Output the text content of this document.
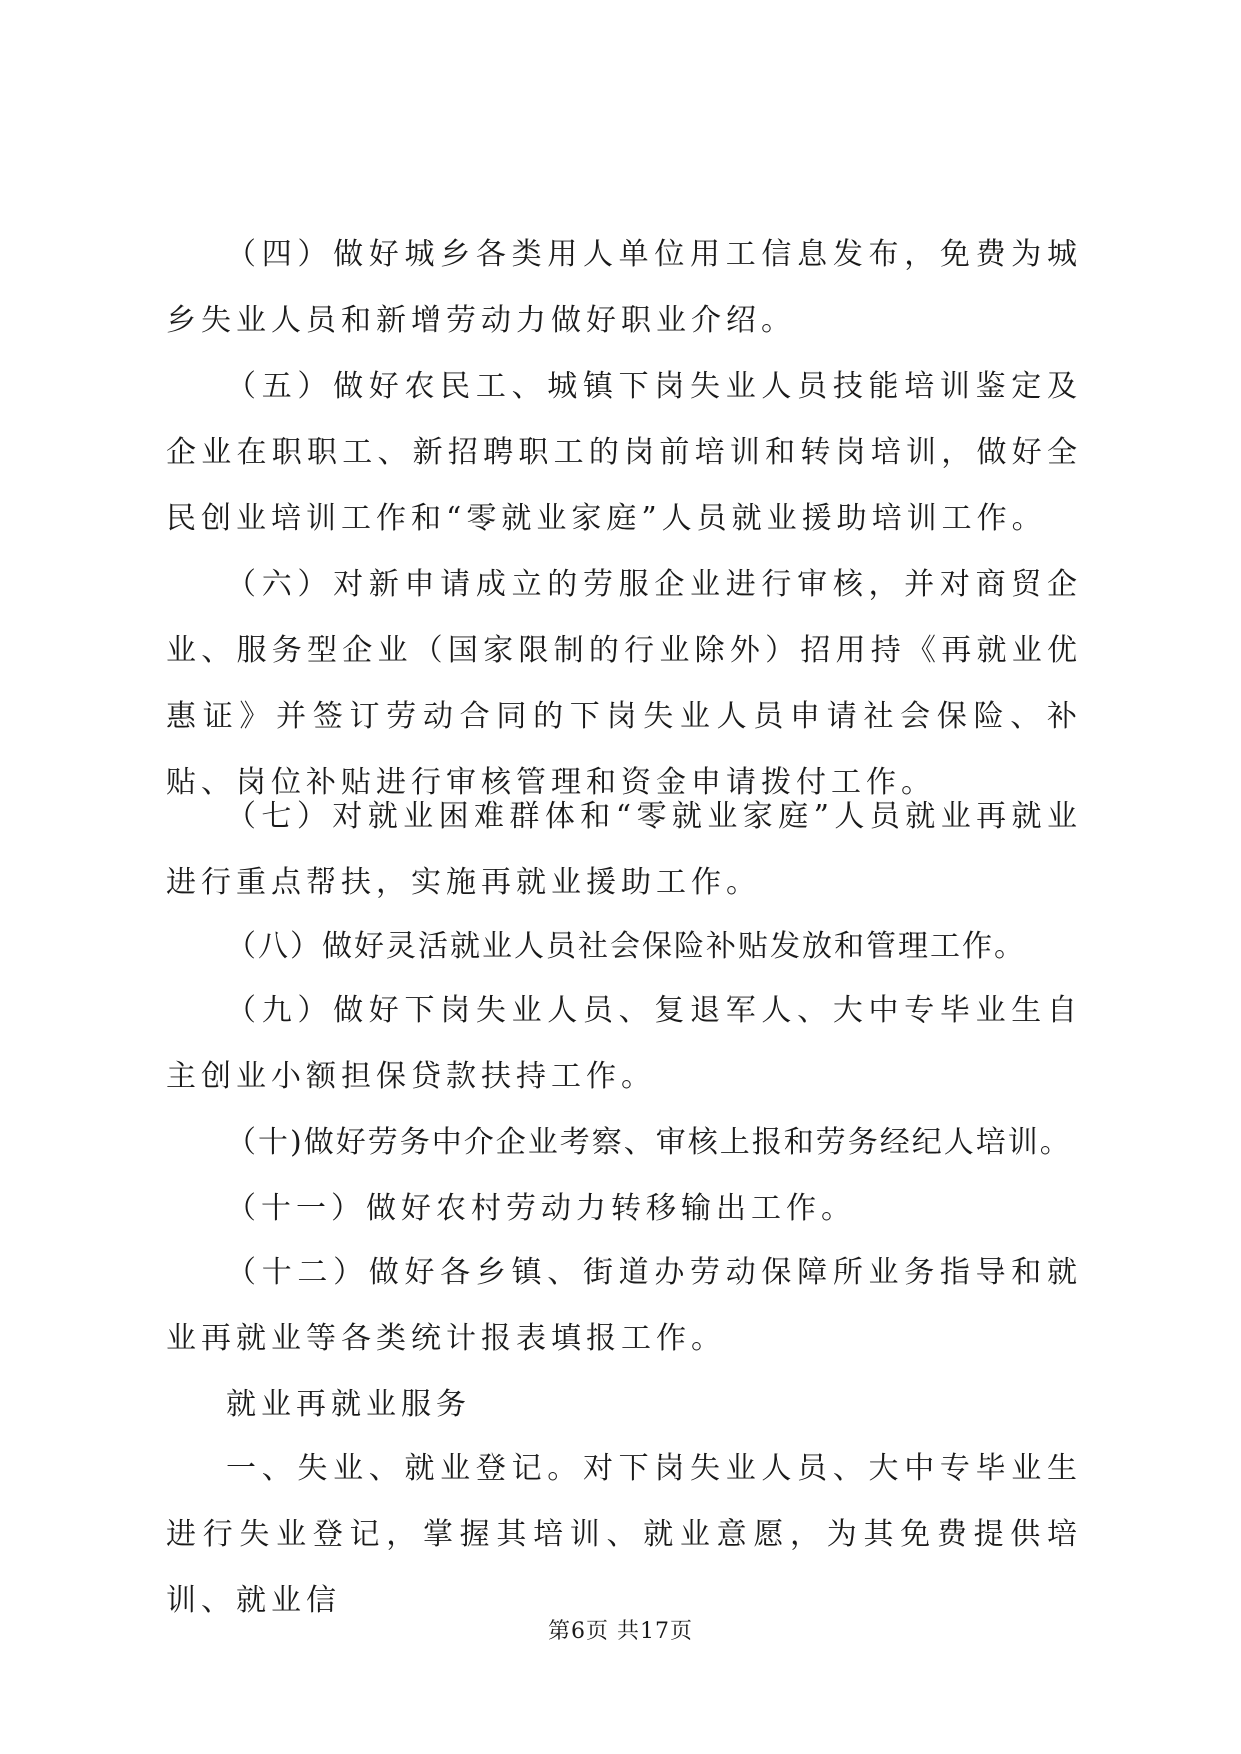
（四）做好城乡各类用人单位用工信息发布，免费为城乡失业人员和新增劳动力做好职业介绍。

（五）做好农民工、城镇下岗失业人员技能培训鉴定及企业在职职工、新招聘职工的岗前培训和转岗培训，做好全民创业培训工作和“零就业家庭”人员就业援助培训工作。

（六）对新申请成立的劳服企业进行审核，并对商贸企业、服务型企业（国家限制的行业除外）招用持《再就业优惠证》并签订劳动合同的下岗失业人员申请社会保险、补贴、岗位补贴进行审核管理和资金申请拨付工作。

（七）对就业困难群体和“零就业家庭”人员就业再就业进行重点帮扶，实施再就业援助工作。

（八）做好灵活就业人员社会保险补贴发放和管理工作。

（九）做好下岗失业人员、复退军人、大中专毕业生自主创业小额担保贷款扶持工作。

（十)做好劳务中介企业考察、审核上报和劳务经纪人培训。

（十一）做好农村劳动力转移输出工作。

（十二）做好各乡镇、街道办劳动保障所业务指导和就业再就业等各类统计报表填报工作。

就业再就业服务

一、失业、就业登记。对下岗失业人员、大中专毕业生进行失业登记，掌握其培训、就业意愿，为其免费提供培训、就业信

第6页 共17页
